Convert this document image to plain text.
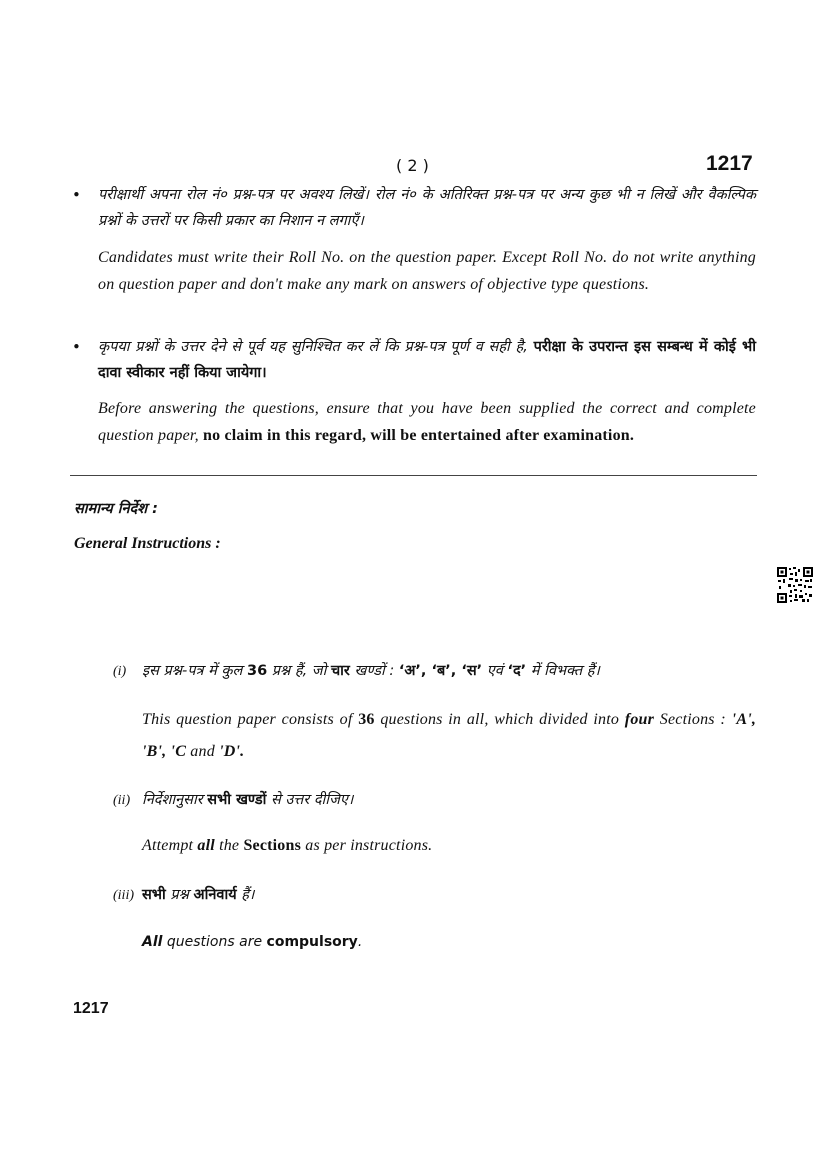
( 2 )	1217
• परीक्षार्थी अपना रोल नं० प्रश्न-पत्र पर अवश्य लिखें। रोल नं० के अतिरिक्त प्रश्न-पत्र पर अन्य कुछ भी न लिखें और वैकल्पिक प्रश्नों के उत्तरों पर किसी प्रकार का निशान न लगाएँ।
Candidates must write their Roll No. on the question paper. Except Roll No. do not write anything on question paper and don't make any mark on answers of objective type questions.
• कृपया प्रश्नों के उत्तर देने से पूर्व यह सुनिश्चित कर लें कि प्रश्न-पत्र पूर्ण व सही है, परीक्षा के उपरान्त इस सम्बन्ध में कोई भी दावा स्वीकार नहीं किया जायेगा।
Before answering the questions, ensure that you have been supplied the correct and complete question paper, no claim in this regard, will be entertained after examination.
सामान्य निर्देश :
General Instructions :
(i) इस प्रश्न-पत्र में कुल 36 प्रश्न हैं, जो चार खण्डों : ‘अ’, ‘ब’, ‘स’ एवं ‘द’ में विभक्त हैं।
This question paper consists of 36 questions in all, which divided into four Sections : 'A', 'B', 'C and 'D'.
(ii) निर्देशानुसार सभी खण्डों से उत्तर दीजिए।
Attempt all the Sections as per instructions.
(iii) सभी प्रश्न अनिवार्य हैं।
All questions are compulsory.
1217
